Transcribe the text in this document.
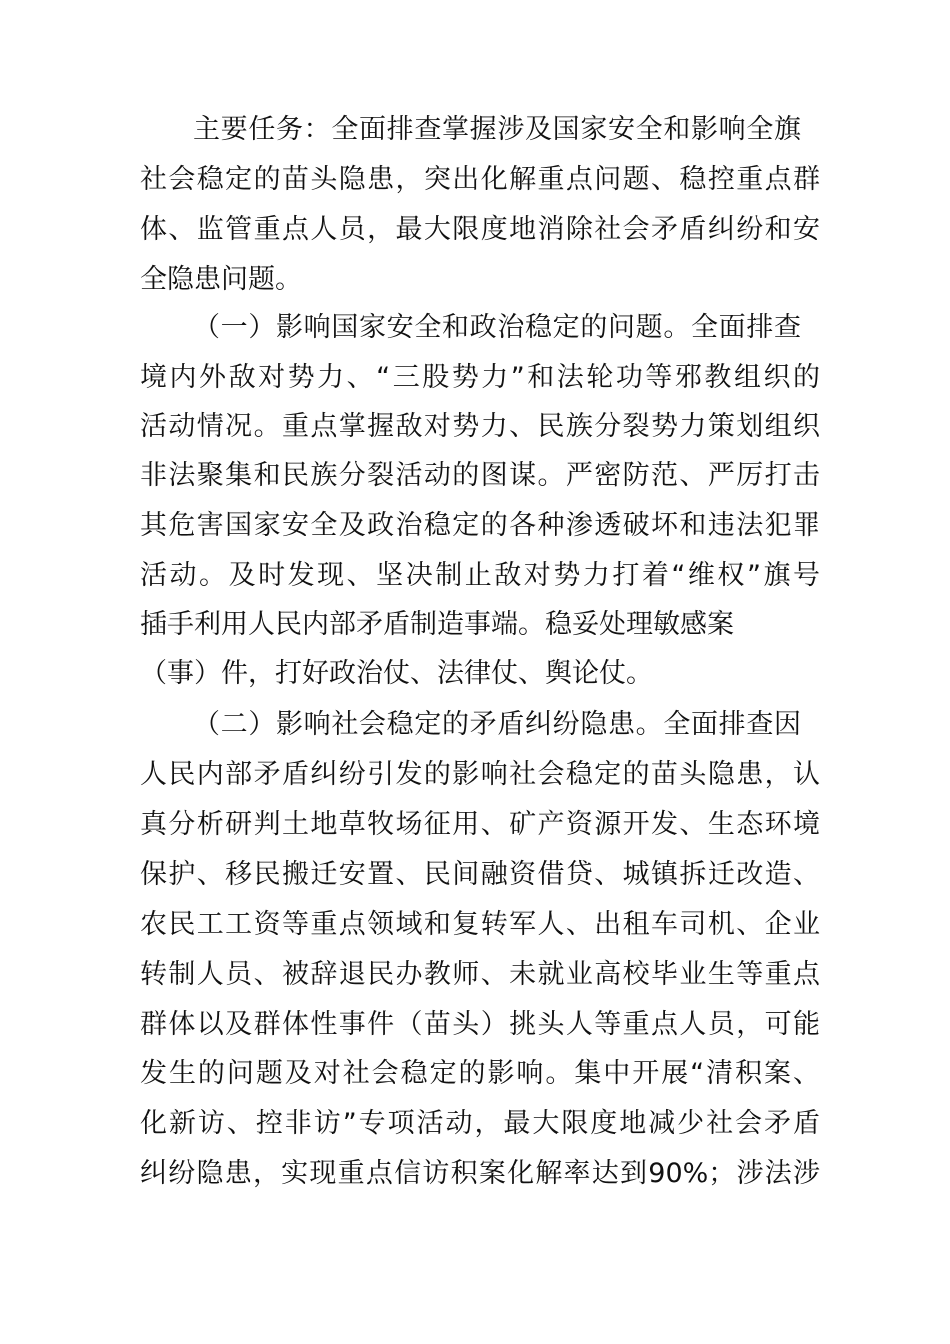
主要任务：全面排查掌握涉及国家安全和影响全旗
社会稳定的苗头隐患，突出化解重点问题、稳控重点群
体、监管重点人员，最大限度地消除社会矛盾纠纷和安
全隐患问题。
（一）影响国家安全和政治稳定的问题。全面排查
境内外敌对势力、“三股势力”和法轮功等邪教组织的
活动情况。重点掌握敌对势力、民族分裂势力策划组织
非法聚集和民族分裂活动的图谋。严密防范、严厉打击
其危害国家安全及政治稳定的各种渗透破坏和违法犯罪
活动。及时发现、坚决制止敌对势力打着“维权”旗号
插手利用人民内部矛盾制造事端。稳妥处理敏感案
（事）件，打好政治仗、法律仗、舆论仗。
（二）影响社会稳定的矛盾纠纷隐患。全面排查因
人民内部矛盾纠纷引发的影响社会稳定的苗头隐患，认
真分析研判土地草牧场征用、矿产资源开发、生态环境
保护、移民搬迁安置、民间融资借贷、城镇拆迁改造、
农民工工资等重点领域和复转军人、出租车司机、企业
转制人员、被辞退民办教师、未就业高校毕业生等重点
群体以及群体性事件（苗头）挑头人等重点人员，可能
发生的问题及对社会稳定的影响。集中开展“清积案、
化新访、控非访”专项活动，最大限度地减少社会矛盾
纠纷隐患，实现重点信访积案化解率达到90%；涉法涉
